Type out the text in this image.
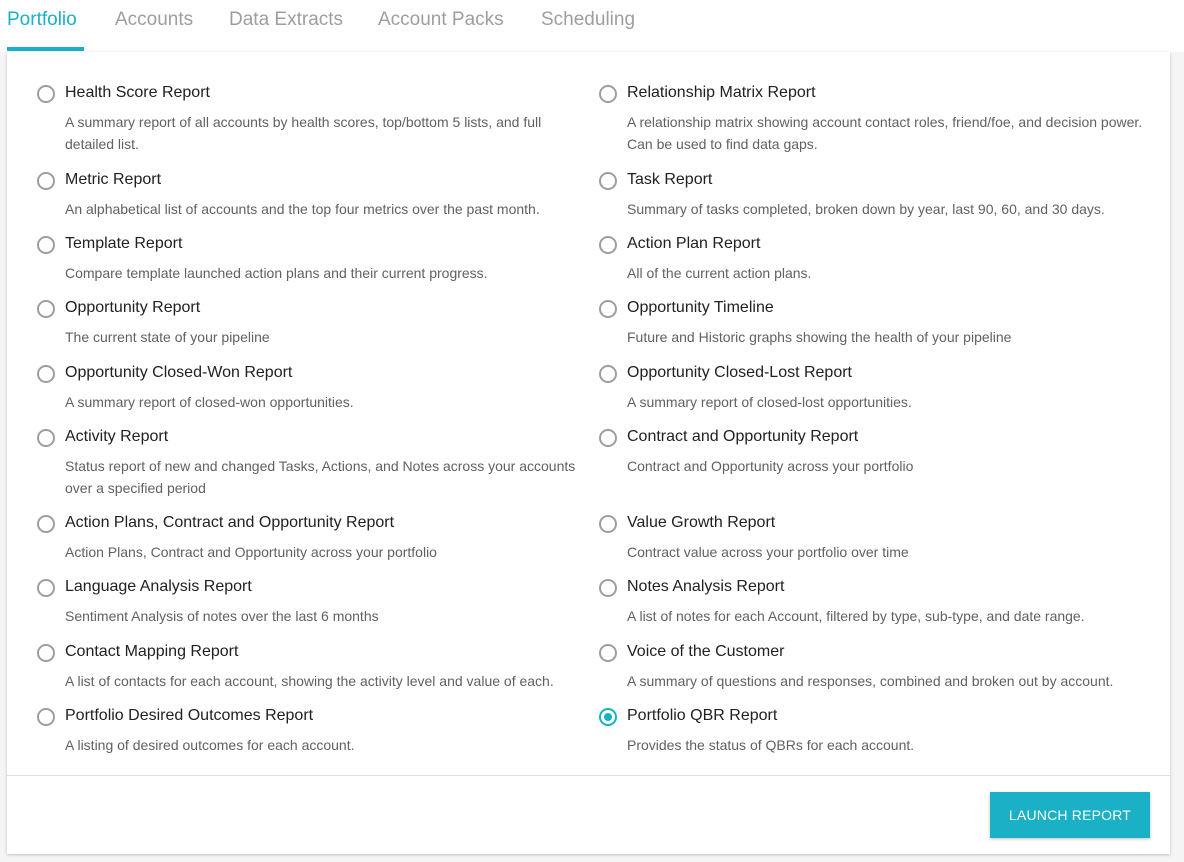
Portfolio Accounts Data Extracts Account Packs Scheduling
Health Score Report
A summary report of all accounts by health scores, top/bottom 5 lists, and full detailed list.
Metric Report
An alphabetical list of accounts and the top four metrics over the past month.
Template Report
Compare template launched action plans and their current progress.
Opportunity Report
The current state of your pipeline
Opportunity Closed-Won Report
A summary report of closed-won opportunities.
Activity Report
Status report of new and changed Tasks, Actions, and Notes across your accounts over a specified period
Action Plans, Contract and Opportunity Report
Action Plans, Contract and Opportunity across your portfolio
Language Analysis Report
Sentiment Analysis of notes over the last 6 months
Contact Mapping Report
A list of contacts for each account, showing the activity level and value of each.
Portfolio Desired Outcomes Report
A listing of desired outcomes for each account.
Relationship Matrix Report
A relationship matrix showing account contact roles, friend/foe, and decision power. Can be used to find data gaps.
Task Report
Summary of tasks completed, broken down by year, last 90, 60, and 30 days.
Action Plan Report
All of the current action plans.
Opportunity Timeline
Future and Historic graphs showing the health of your pipeline
Opportunity Closed-Lost Report
A summary report of closed-lost opportunities.
Contract and Opportunity Report
Contract and Opportunity across your portfolio
Value Growth Report
Contract value across your portfolio over time
Notes Analysis Report
A list of notes for each Account, filtered by type, sub-type, and date range.
Voice of the Customer
A summary of questions and responses, combined and broken out by account.
Portfolio QBR Report
Provides the status of QBRs for each account.
LAUNCH REPORT
